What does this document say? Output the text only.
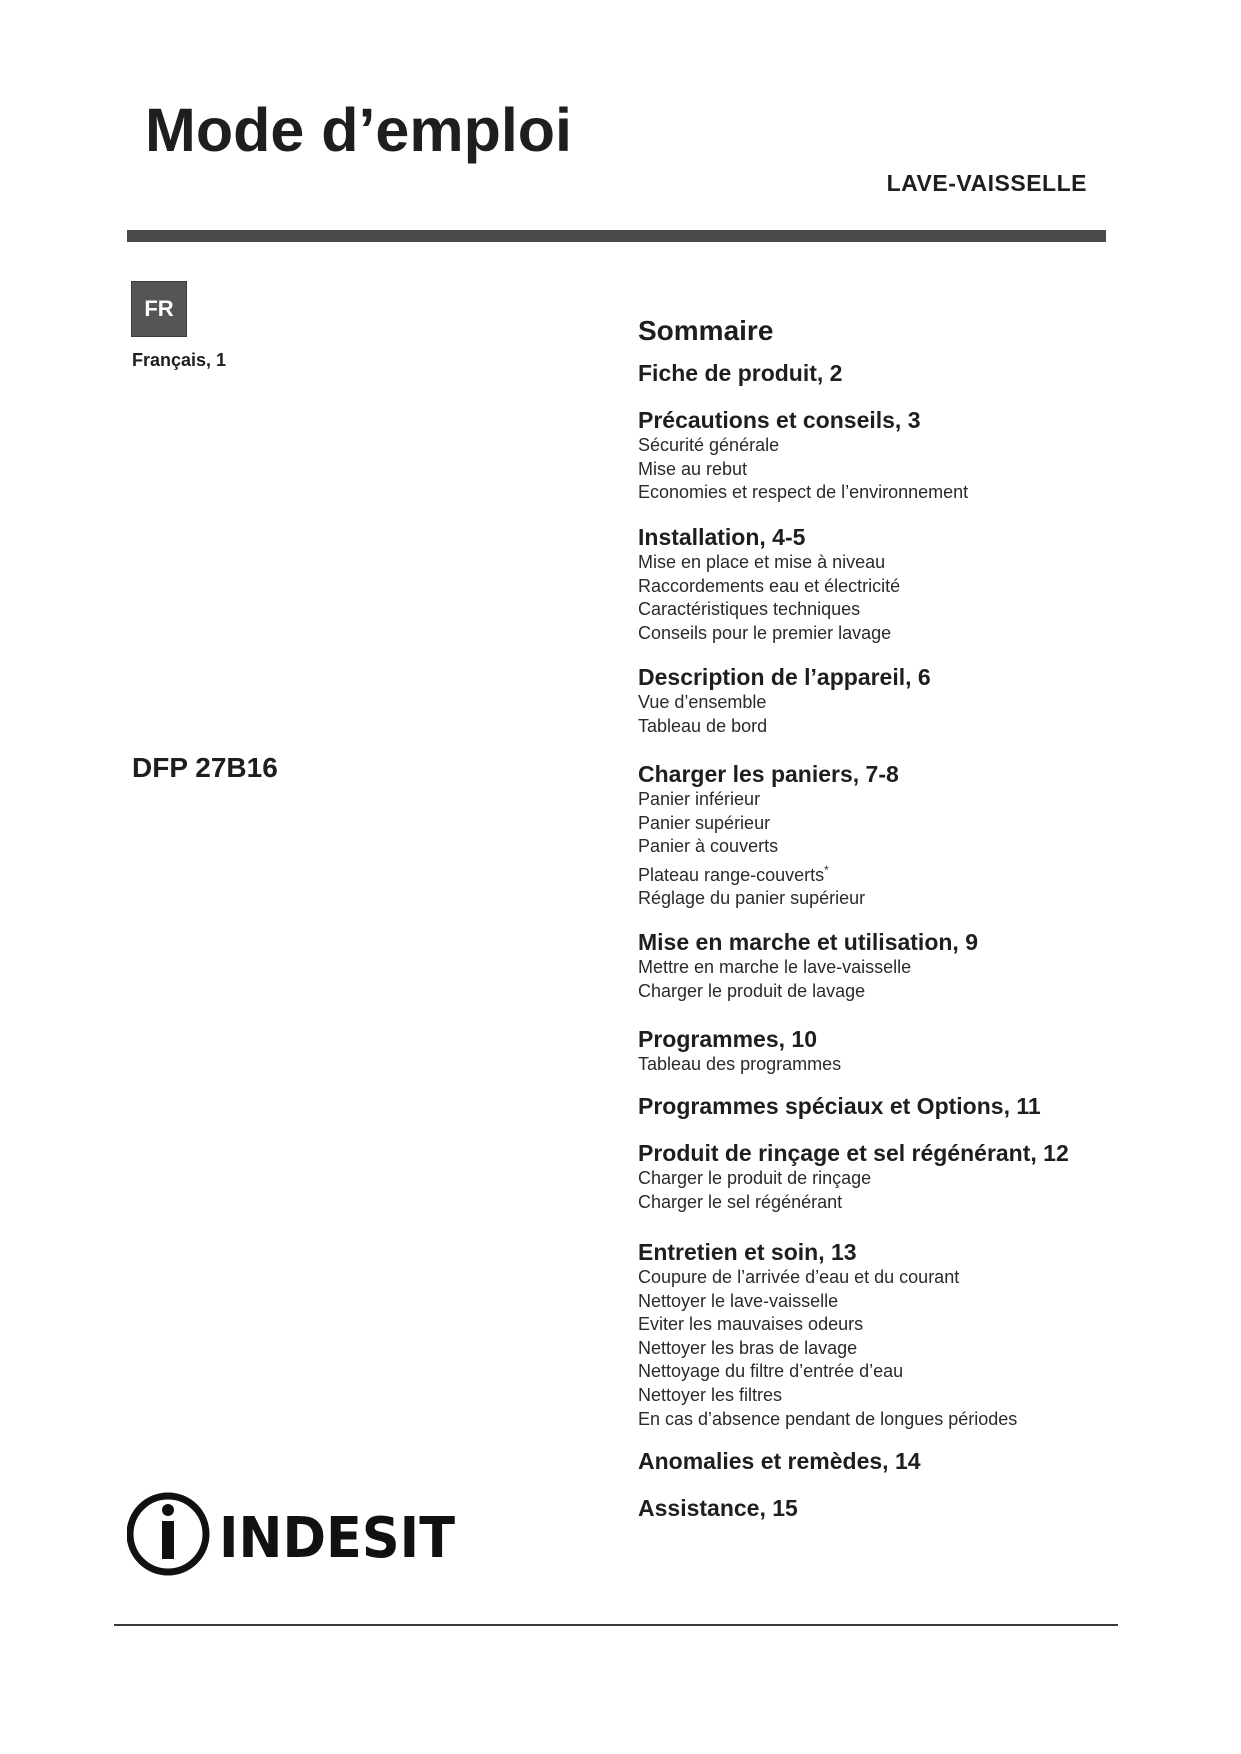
Mode d’emploi
LAVE-VAISSELLE
FR
Français, 1
DFP 27B16
INDESIT
Sommaire
Fiche de produit, 2
Précautions et conseils, 3
Sécurité générale
Mise au rebut
Economies et respect de l’environnement
Installation, 4-5
Mise en place et mise à niveau
Raccordements eau et électricité
Caractéristiques techniques
Conseils pour le premier lavage
Description de l’appareil, 6
Vue d’ensemble
Tableau de bord
Charger les paniers, 7-8
Panier inférieur
Panier supérieur
Panier à couverts
Plateau range-couverts*
Réglage du panier supérieur
Mise en marche et utilisation, 9
Mettre en marche le lave-vaisselle
Charger le produit de lavage
Programmes, 10
Tableau des programmes
Programmes spéciaux et Options, 11
Produit de rinçage et sel régénérant, 12
Charger le produit de rinçage
Charger le sel régénérant
Entretien et soin, 13
Coupure de l’arrivée d’eau et du courant
Nettoyer le lave-vaisselle
Eviter les mauvaises odeurs
Nettoyer les bras de lavage
Nettoyage du filtre d’entrée d’eau
Nettoyer les filtres
En cas d’absence pendant de longues périodes
Anomalies et remèdes, 14
Assistance, 15
